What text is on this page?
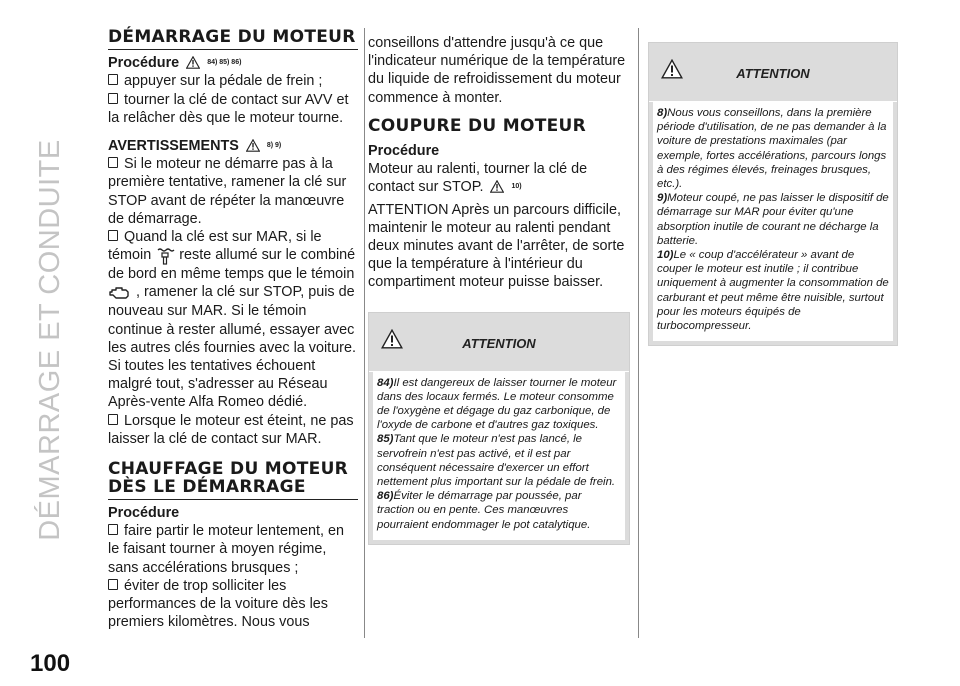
DÉMARRAGE ET CONDUITE
100
DÉMARRAGE DU MOTEUR
Procédure	84) 85) 86)

appuyer sur la pédale de frein ;

tourner la clé de contact sur AVV et la relâcher dès que le moteur tourne.

AVERTISSEMENTS	8) 9)

Si le moteur ne démarre pas à la première tentative, ramener la clé sur STOP avant de répéter la manœuvre de démarrage.

Quand la clé est sur MAR, si le témoin reste allumé sur le combiné de bord en même temps que le témoin  , ramener la clé sur STOP, puis de nouveau sur MAR. Si le témoin continue à rester allumé, essayer avec les autres clés fournies avec la voiture. Si toutes les tentatives échouent malgré tout, s'adresser au Réseau Après-vente Alfa Romeo dédié.

Lorsque le moteur est éteint, ne pas laisser la clé de contact sur MAR.

CHAUFFAGE DU MOTEUR DÈS LE DÉMARRAGE
Procédure

faire partir le moteur lentement, en le faisant tourner à moyen régime, sans accélérations brusques ;

éviter de trop solliciter les performances de la voiture dès les premiers kilomètres. Nous vous

conseillons d'attendre jusqu'à ce que l'indicateur numérique de la température du liquide de refroidissement du moteur commence à monter.

COUPURE DU MOTEUR
Procédure

Moteur au ralenti, tourner la clé de contact sur STOP.	10)

ATTENTION Après un parcours difficile, maintenir le moteur au ralenti pendant deux minutes avant de l'arrêter, de sorte que la température à l'intérieur du compartiment moteur puisse baisser.

ATTENTION

84)Il est dangereux de laisser tourner le moteur dans des locaux fermés. Le moteur consomme de l'oxygène et dégage du gaz carbonique, de l'oxyde de carbone et d'autres gaz toxiques.

85)Tant que le moteur n'est pas lancé, le servofrein n'est pas activé, et il est par conséquent nécessaire d'exercer un effort nettement plus important sur la pédale de frein.

86)Éviter le démarrage par poussée, par traction ou en pente. Ces manœuvres pourraient endommager le pot catalytique.

ATTENTION

8)Nous vous conseillons, dans la première période d'utilisation, de ne pas demander à la voiture de prestations maximales (par exemple, fortes accélérations, parcours longs à des régimes élevés, freinages brusques, etc.).

9)Moteur coupé, ne pas laisser le dispositif de démarrage sur MAR pour éviter qu'une absorption inutile de courant ne décharge la batterie.

10)Le « coup d'accélérateur » avant de couper le moteur est inutile ; il contribue uniquement à augmenter la consommation de carburant et peut même être nuisible, surtout pour les moteurs équipés de turbocompresseur.
